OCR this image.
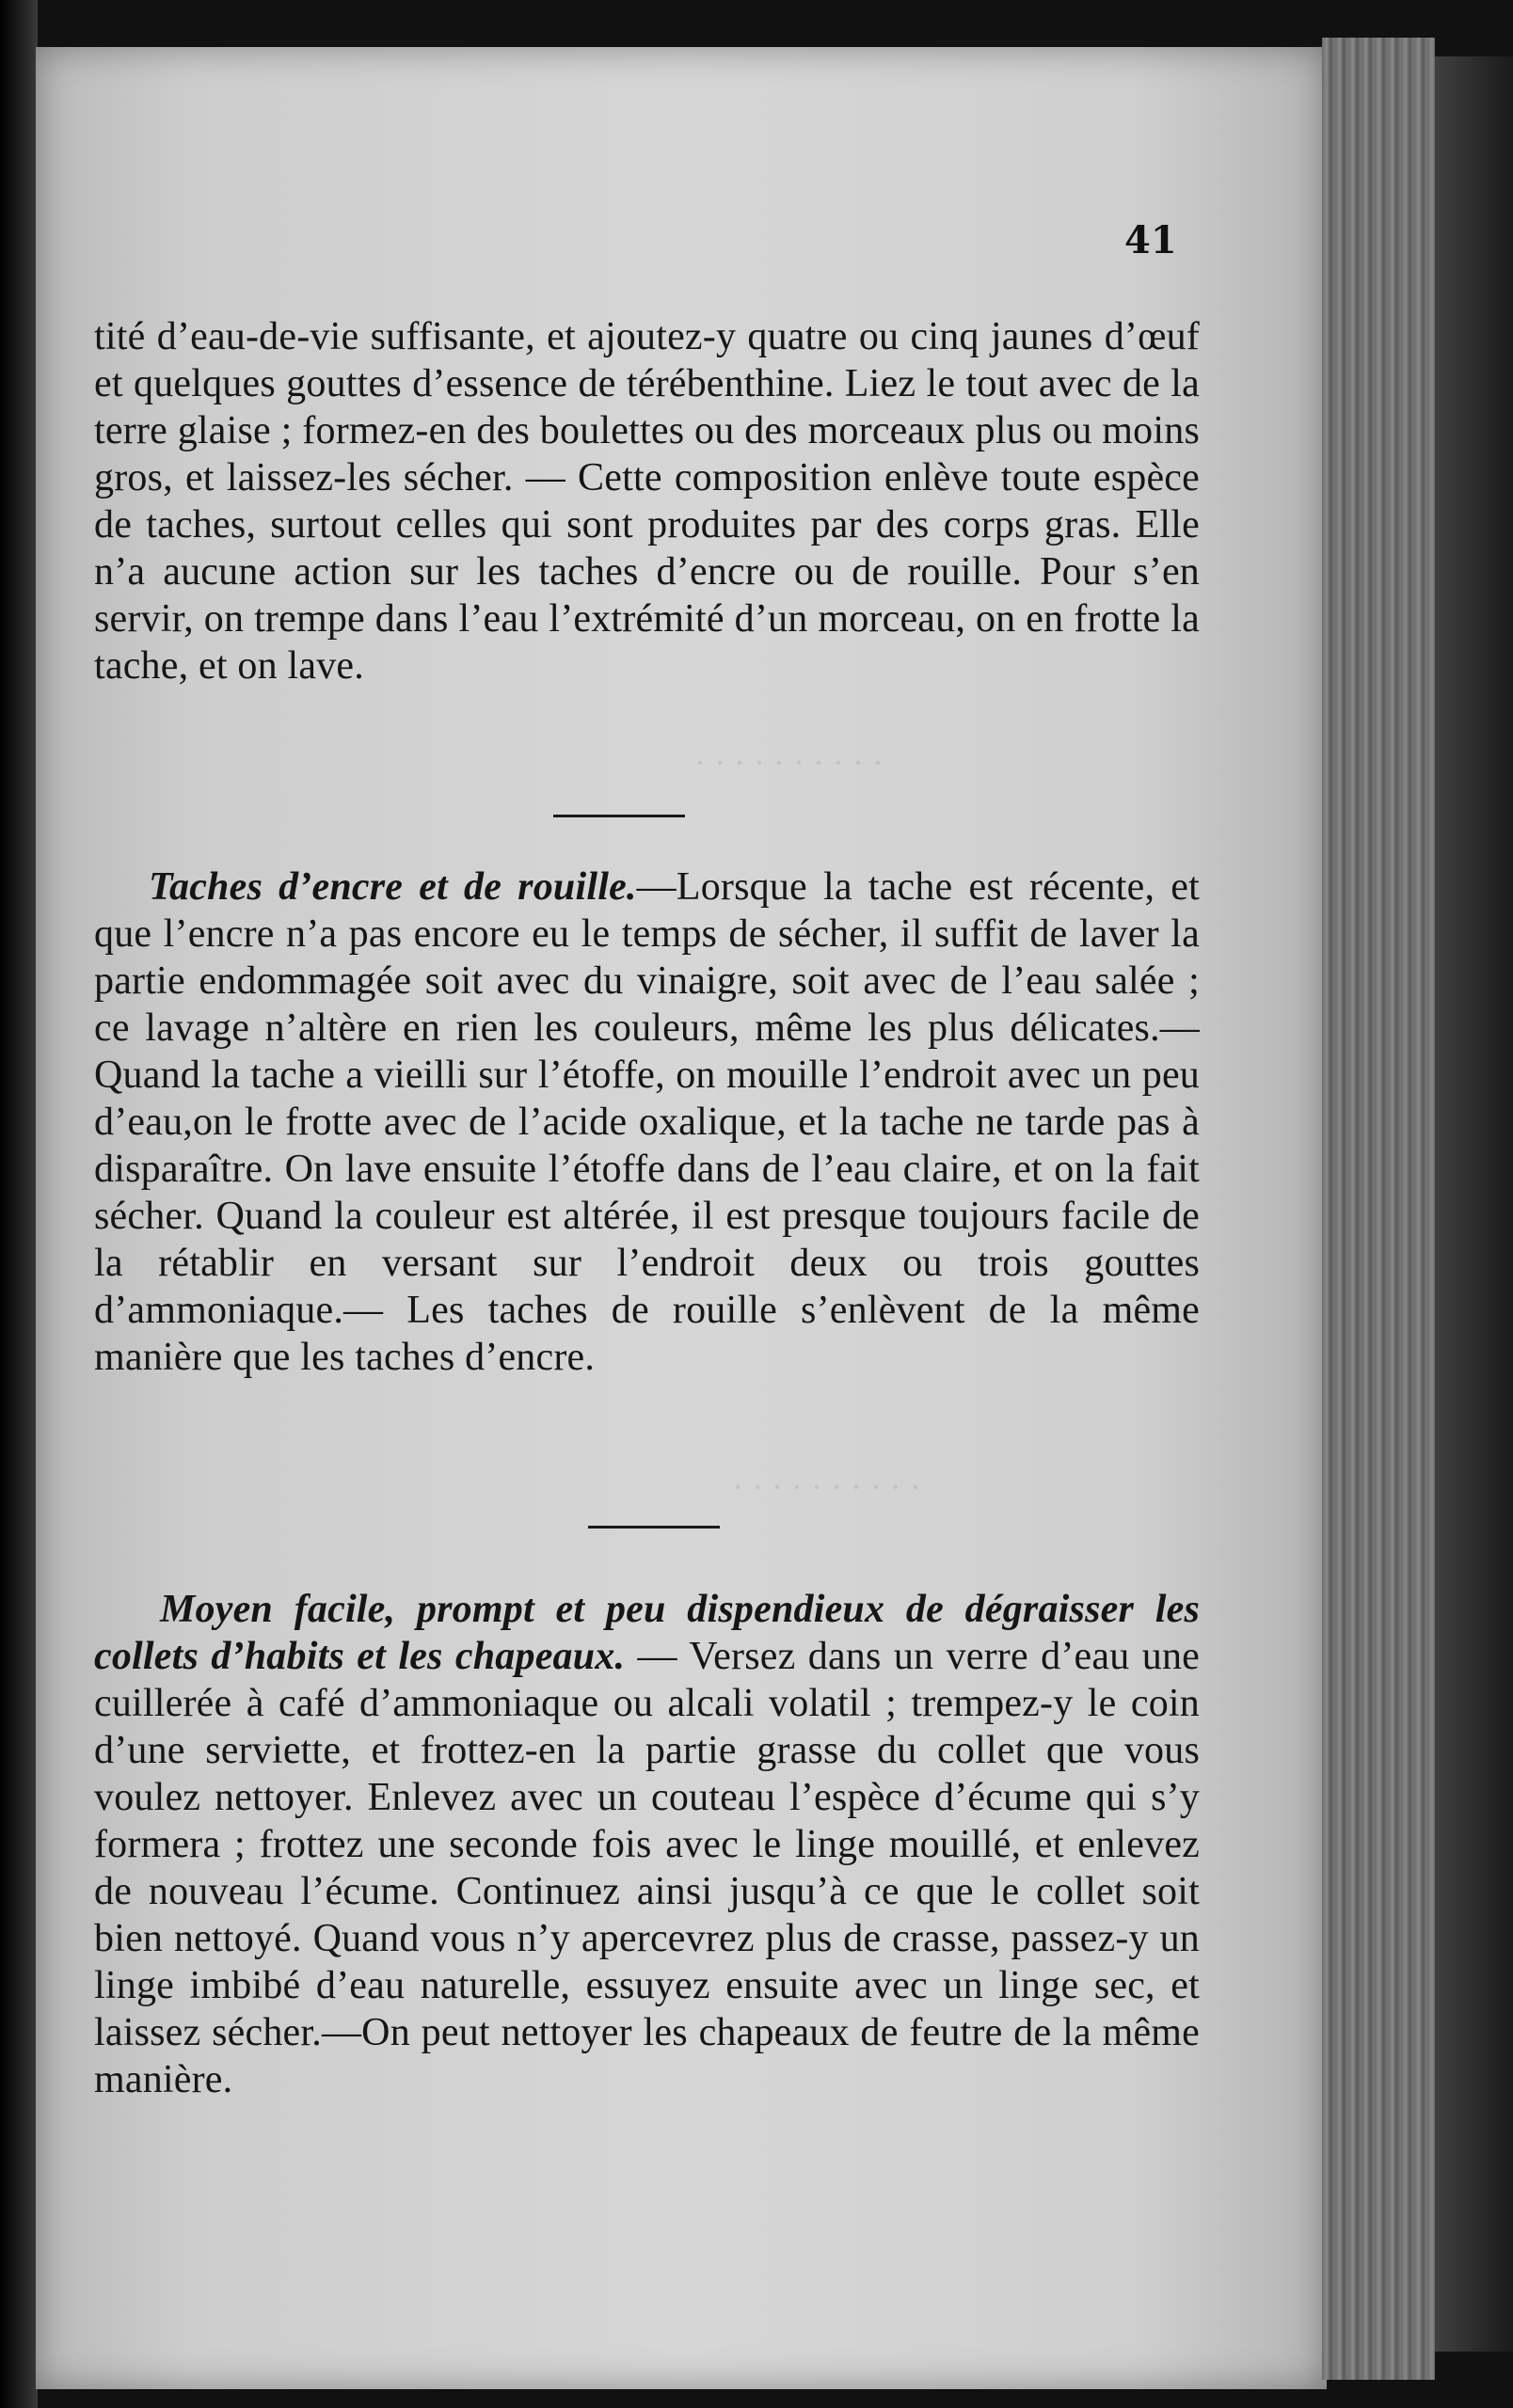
· · · · · · · · · ·
· · · · · · · · · ·
41
tité d’eau-de-vie suffisante, et ajoutez-y quatre ou cinq jaunes d’œuf et quelques gouttes d’essence de térébenthine. Liez le tout avec de la terre glaise ; formez-en des boulettes ou des morceaux plus ou moins gros, et laissez-les sécher. — Cette composition enlève toute espèce de taches, surtout celles qui sont produites par des corps gras. Elle n’a aucune action sur les taches d’encre ou de rouille. Pour s’en servir, on trempe dans l’eau l’extrémité d’un morceau, on en frotte la tache, et on lave.
Taches d’encre et de rouille.—Lorsque la tache est récente, et que l’encre n’a pas encore eu le temps de sécher, il suffit de laver la partie endommagée soit avec du vinaigre, soit avec de l’eau salée ; ce lavage n’altère en rien les couleurs, même les plus délicates.— Quand la tache a vieilli sur l’étoffe, on mouille l’endroit avec un peu d’eau,on le frotte avec de l’acide oxalique, et la tache ne tarde pas à disparaître. On lave ensuite l’étoffe dans de l’eau claire, et on la fait sécher. Quand la couleur est altérée, il est presque toujours facile de la rétablir en versant sur l’endroit deux ou trois gouttes d’ammoniaque.— Les taches de rouille s’enlèvent de la même manière que les taches d’encre.
Moyen facile, prompt et peu dispendieux de dégraisser les collets d’habits et les chapeaux. — Versez dans un verre d’eau une cuillerée à café d’ammoniaque ou alcali volatil ; trempez-y le coin d’une serviette, et frottez-en la partie grasse du collet que vous voulez nettoyer. Enlevez avec un couteau l’espèce d’écume qui s’y formera ; frottez une seconde fois avec le linge mouillé, et enlevez de nouveau l’écume. Continuez ainsi jusqu’à ce que le collet soit bien nettoyé. Quand vous n’y apercevrez plus de crasse, passez-y un linge imbibé d’eau naturelle, essuyez ensuite avec un linge sec, et laissez sécher.—On peut nettoyer les chapeaux de feutre de la même manière.
